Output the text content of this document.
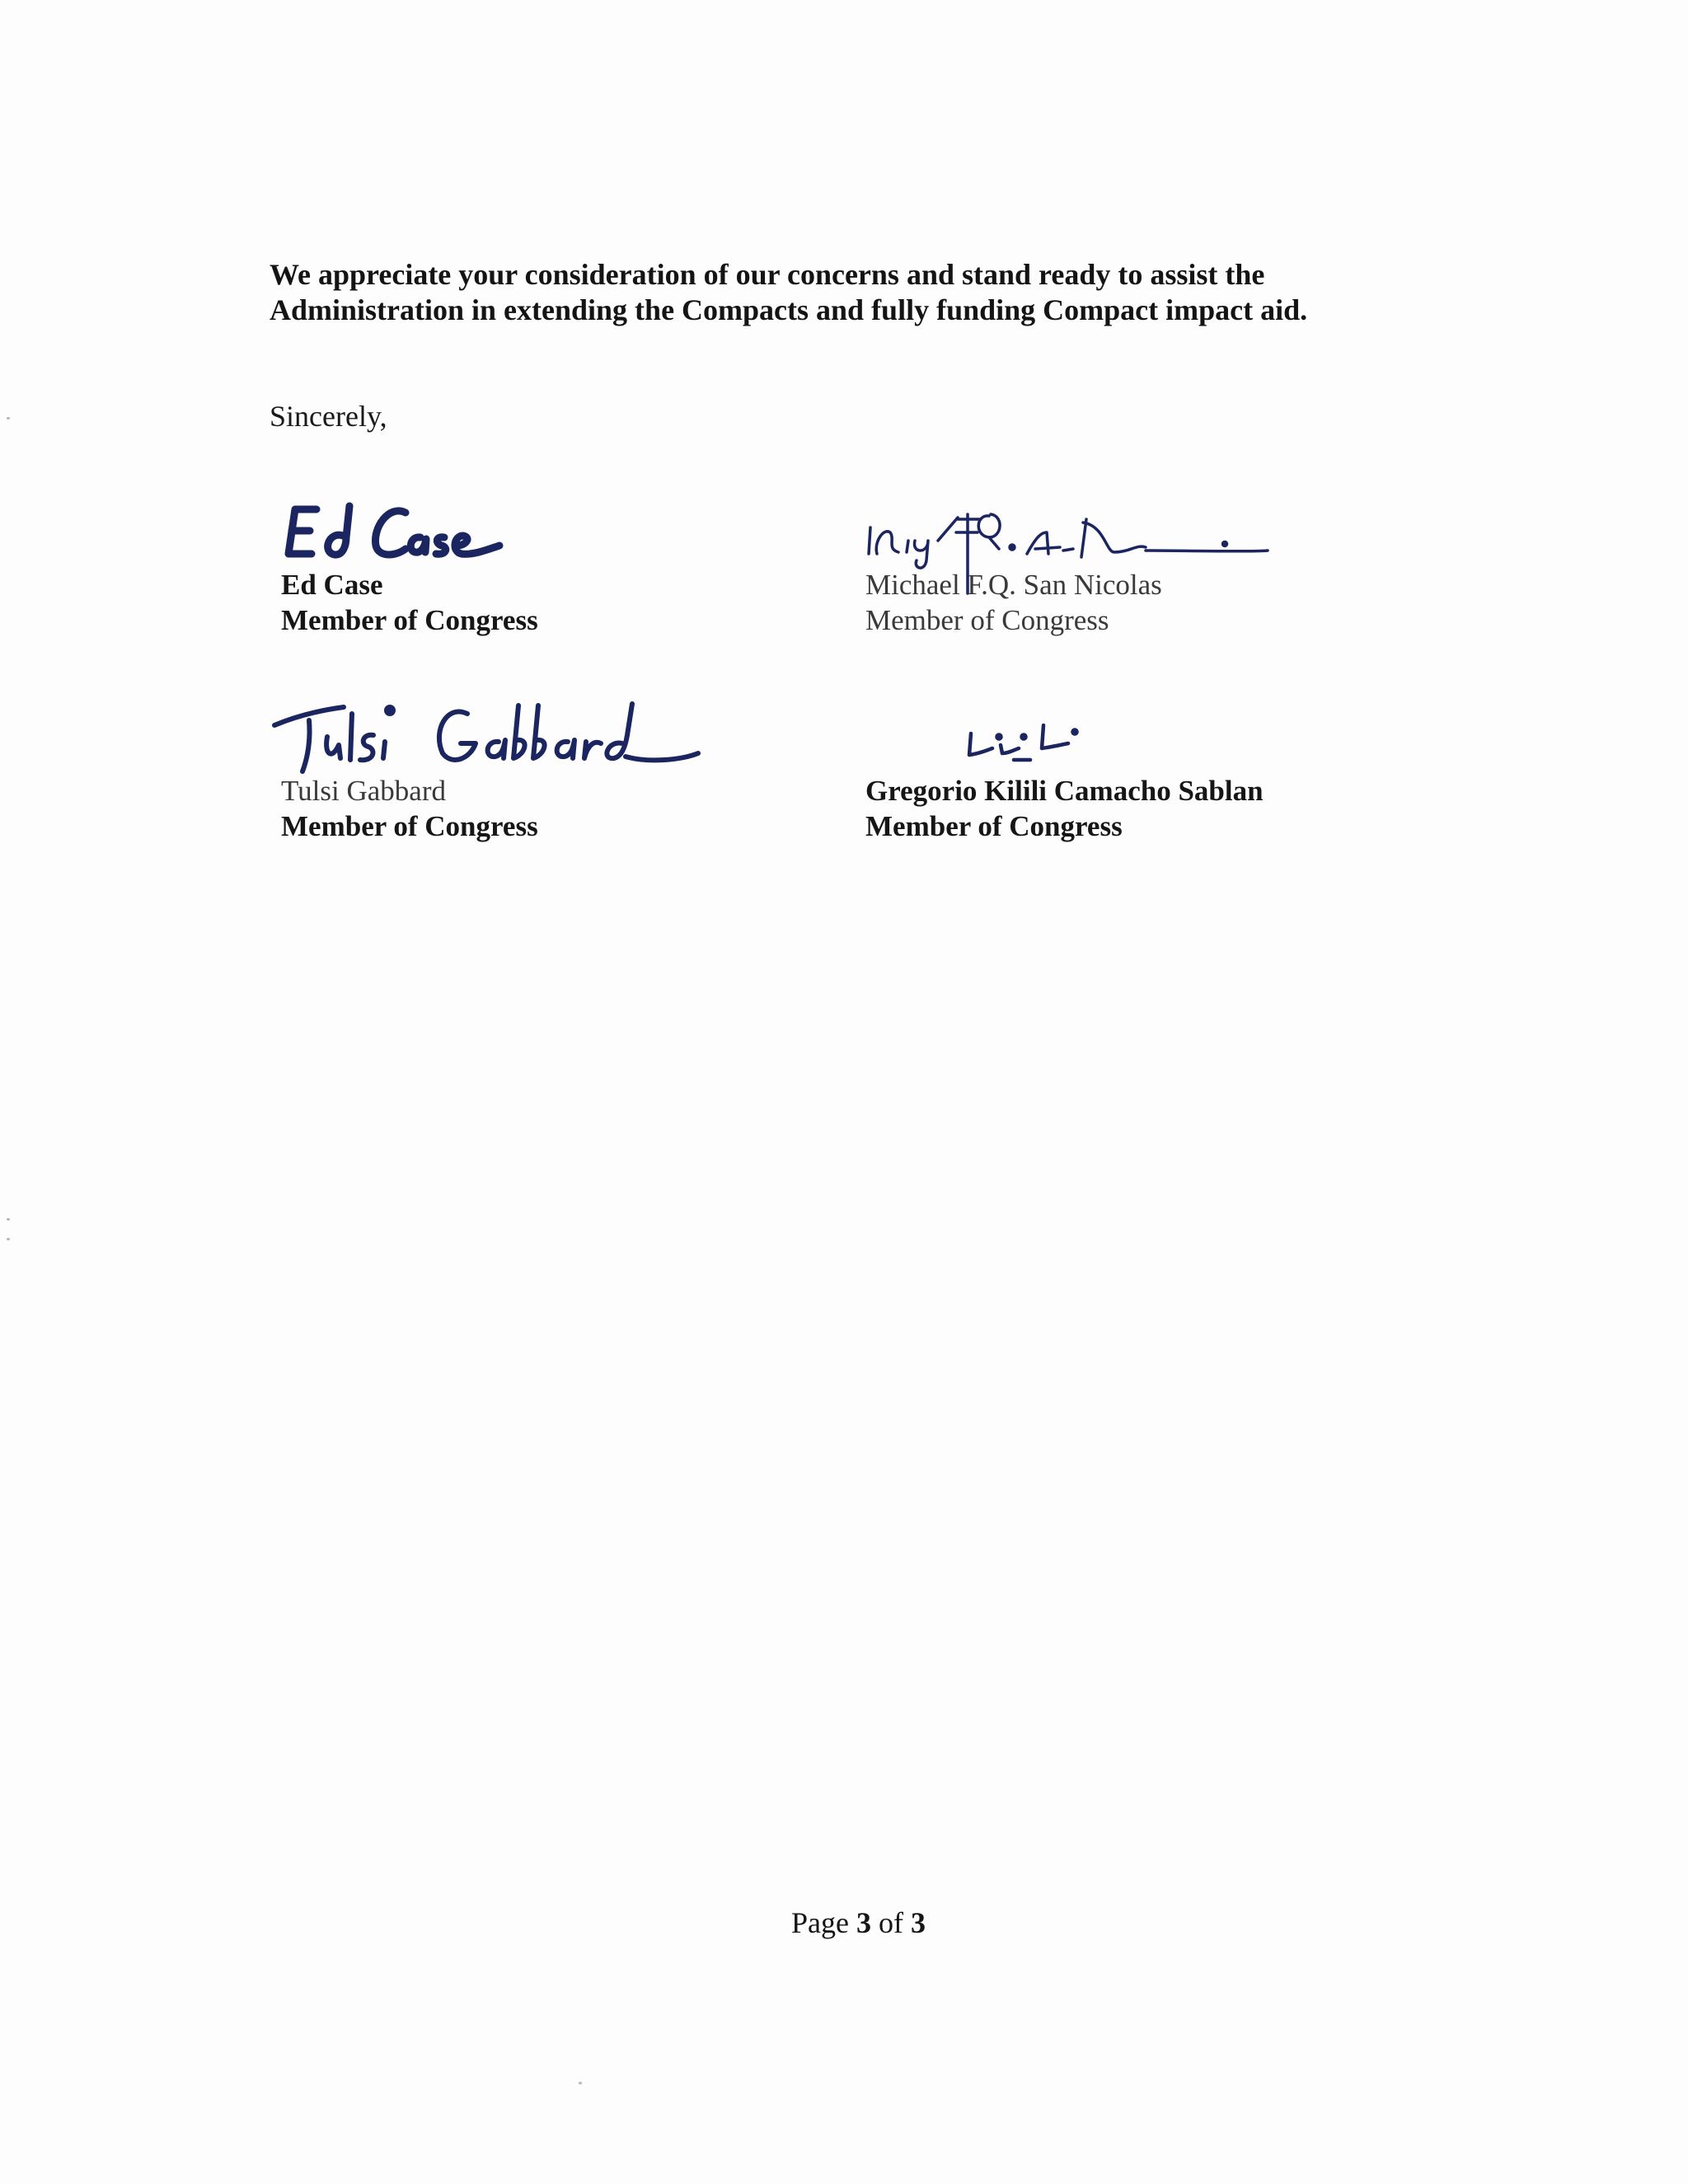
We appreciate your consideration of our concerns and stand ready to assist the Administration in extending the Compacts and fully funding Compact impact aid.

Sincerely,
Ed Case
Member of Congress
Michael F.Q. San Nicolas
Member of Congress
Tulsi Gabbard
Member of Congress
Gregorio Kilili Camacho Sablan
Member of Congress
Page 3 of 3
